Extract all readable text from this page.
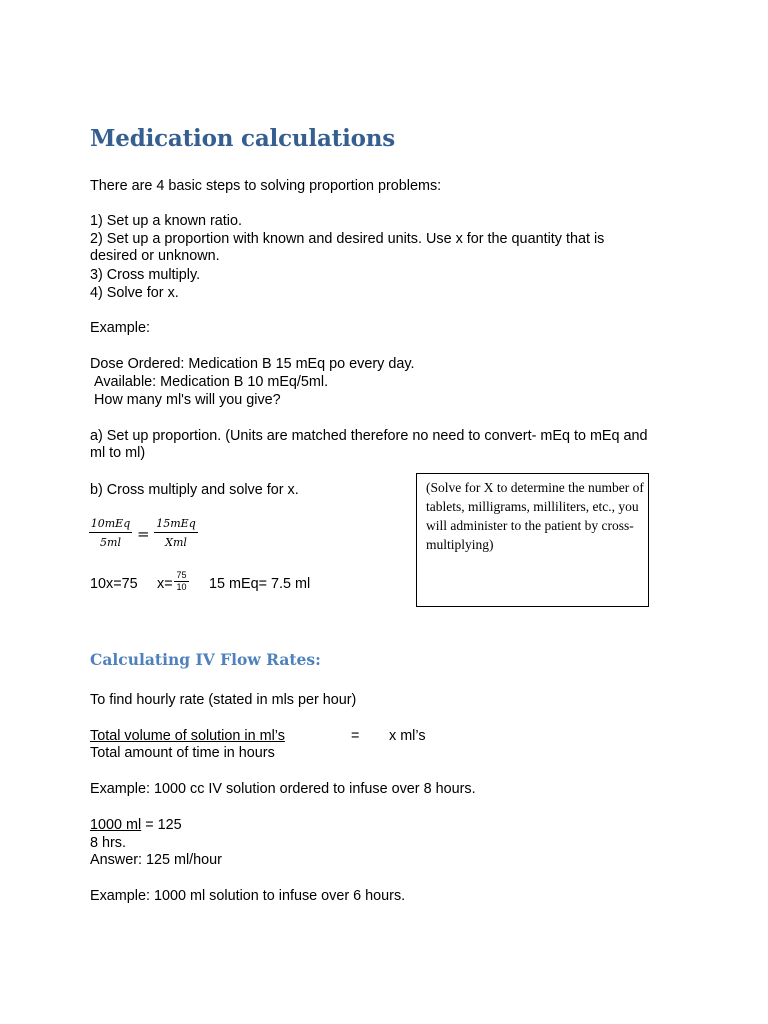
Medication calculations
There are 4 basic steps to solving proportion problems:
1) Set up a known ratio.
2) Set up a proportion with known and desired units. Use x for the quantity that is
desired or unknown.
3) Cross multiply.
4) Solve for x.
Example:
Dose Ordered: Medication B 15 mEq po every day.
Available: Medication B 10 mEq/5ml.
How many ml's will you give?
a) Set up proportion. (Units are matched therefore no need to convert- mEq to mEq and
ml to ml)
b) Cross multiply and solve for x.
10mEq
5ml	=
15mEq
Xml
10x=75 $x= \frac{75}{10} 15$ mEq= 7.5 ml
(Solve for X to determine the number of tablets, milligrams, milliliters, etc., you will administer to the patient by cross- multiplying)
Calculating IV Flow Rates:
To find hourly rate (stated in mls per hour)
Total volume of solution in ml’s	= x ml’s
Total amount of time in hours
Example: 1000 cc IV solution ordered to infuse over 8 hours.
1000 ml = 125
8 hrs.
Answer: 125 ml/hour
Example: 1000 ml solution to infuse over 6 hours.
